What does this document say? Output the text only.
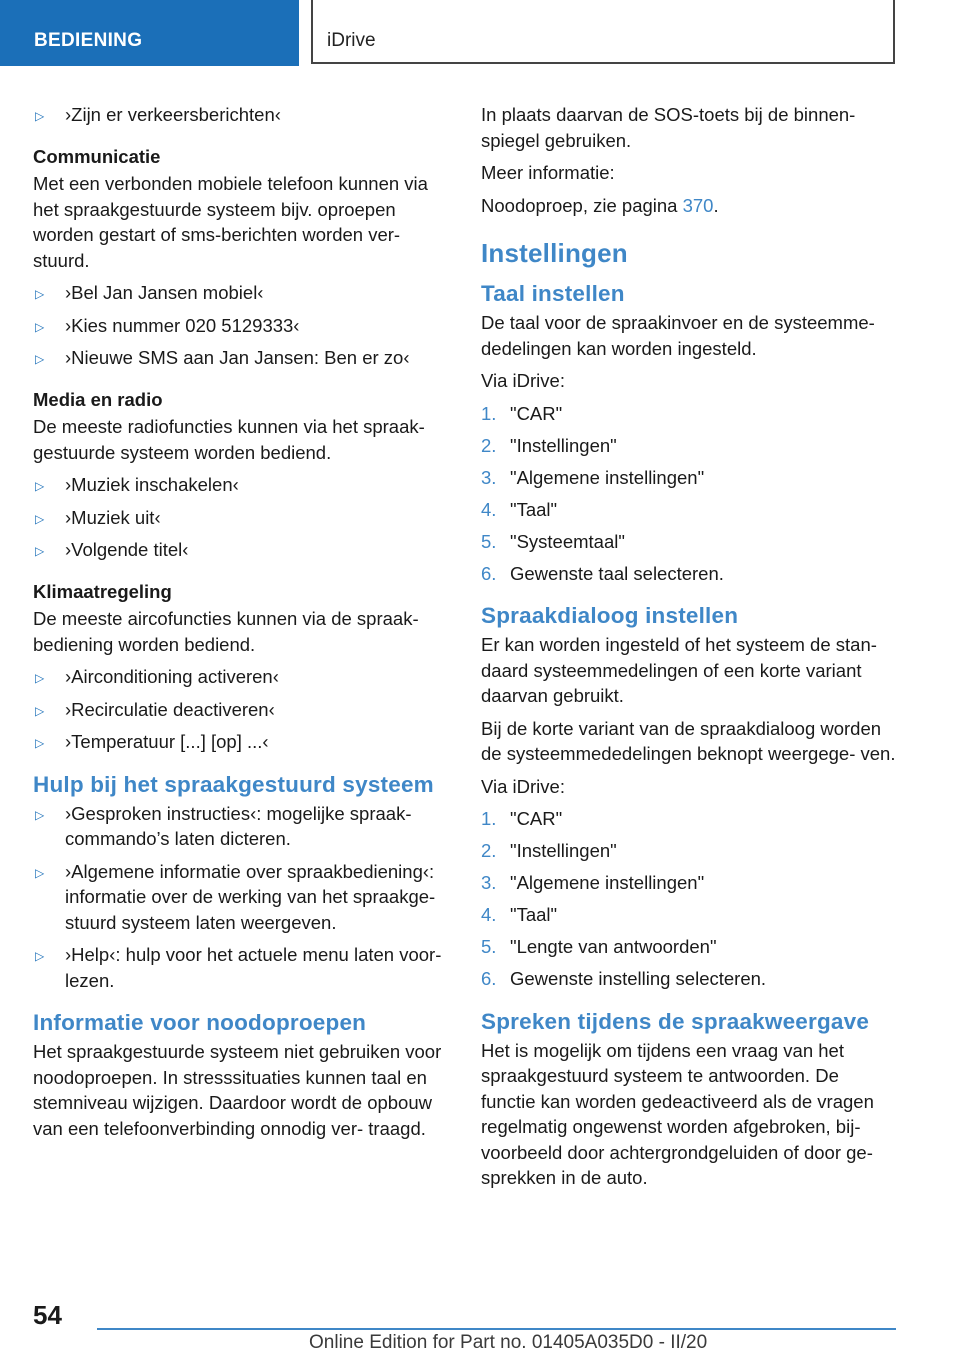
BEDIENING	iDrive
▷ ›Zijn er verkeersberichten‹
Communicatie

Met een verbonden mobiele telefoon kunnen via het spraakgestuurde systeem bijv. oproepen worden gestart of sms-berichten worden ver‐ stuurd.

▷ ›Bel Jan Jansen mobiel‹
▷ ›Kies nummer 020 5129333‹
▷ ›Nieuwe SMS aan Jan Jansen: Ben er zo‹
Media en radio

De meeste radiofuncties kunnen via het spraak‐ gestuurde systeem worden bediend.

▷ ›Muziek inschakelen‹
▷ ›Muziek uit‹
▷ ›Volgende titel‹
Klimaatregeling

De meeste aircofuncties kunnen via de spraak‐ bediening worden bediend.

▷ ›Airconditioning activeren‹
▷ ›Recirculatie deactiveren‹
▷ ›Temperatuur [...] [op] ...‹
Hulp bij het spraakgestuurd systeem
▷ ›Gesproken instructies‹: mogelijke spraak‐ commando’s laten dicteren.
▷ ›Algemene informatie over spraakbediening‹: informatie over de werking van het spraakge‐ stuurd systeem laten weergeven.
▷ ›Help‹: hulp voor het actuele menu laten voor‐ lezen.
Informatie voor noodoproepen

Het spraakgestuurde systeem niet gebruiken voor noodoproepen. In stresssituaties kunnen taal en stemniveau wijzigen. Daardoor wordt de opbouw van een telefoonverbinding onnodig ver‐ traagd.

In plaats daarvan de SOS-toets bij de binnen‐ spiegel gebruiken.

Meer informatie:

Noodoproep, zie pagina 370.

Instellingen
Taal instellen

De taal voor de spraakinvoer en de systeemme‐ dedelingen kan worden ingesteld.

Via iDrive:

1. "CAR"
2. "Instellingen"
3. "Algemene instellingen"
4. "Taal"
5. "Systeemtaal"
6. Gewenste taal selecteren.
Spraakdialoog instellen

Er kan worden ingesteld of het systeem de stan‐ daard systeemmedelingen of een korte variant daarvan gebruikt.

Bij de korte variant van de spraakdialoog worden de systeemmededelingen beknopt weergege‐ ven.

Via iDrive:

1. "CAR"
2. "Instellingen"
3. "Algemene instellingen"
4. "Taal"
5. "Lengte van antwoorden"
6. Gewenste instelling selecteren.
Spreken tijdens de spraakweergave

Het is mogelijk om tijdens een vraag van het spraakgestuurd systeem te antwoorden. De functie kan worden gedeactiveerd als de vragen regelmatig ongewenst worden afgebroken, bij‐ voorbeeld door achtergrondgeluiden of door ge‐ sprekken in de auto.

54
Online Edition for Part no. 01405A035D0 - II/20
